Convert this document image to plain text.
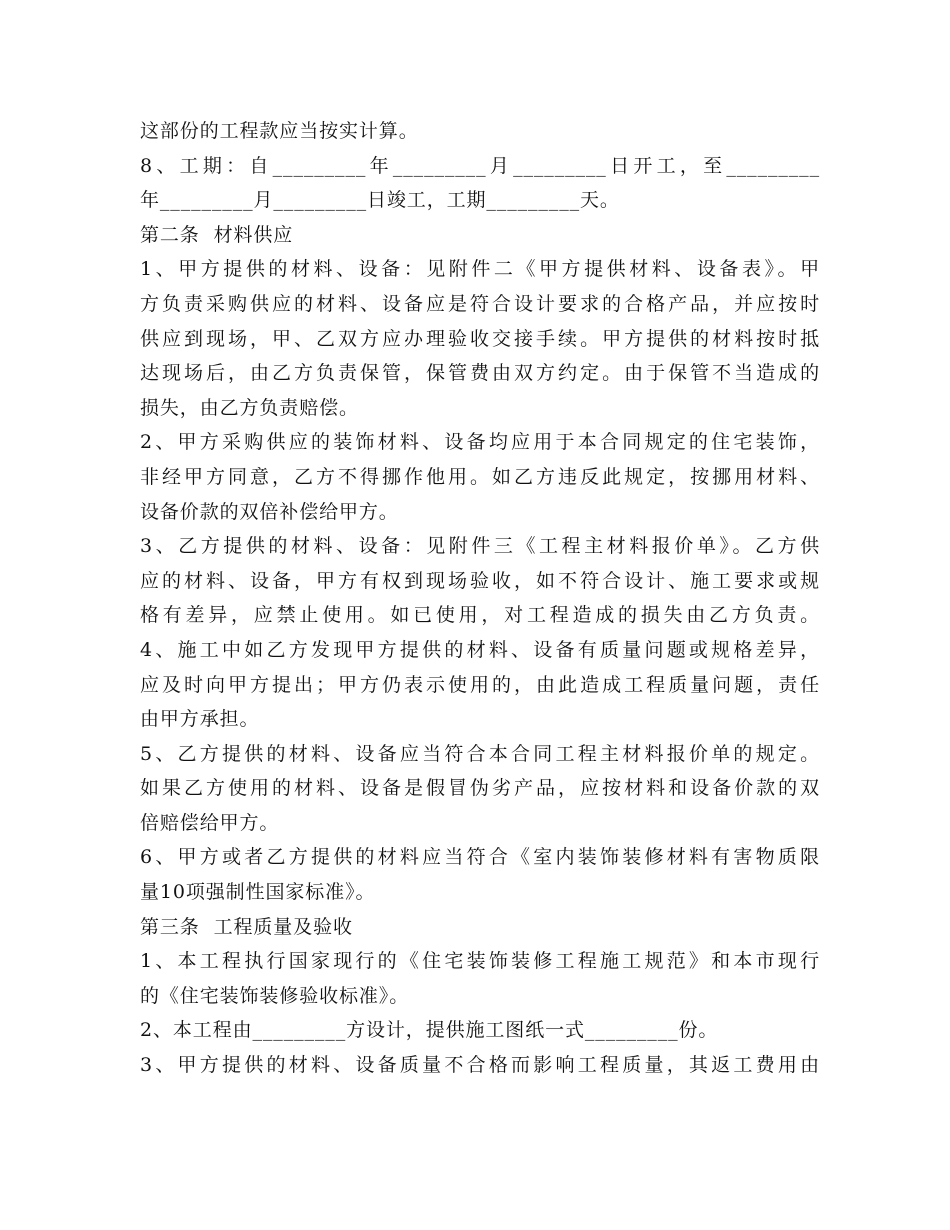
这部份的工程款应当按实计算。
8、工期：自_________年_________月_________日开工，至_________
年_________月_________日竣工，工期_________天。
第二条  材料供应
1、甲方提供的材料、设备：见附件二《甲方提供材料、设备表》。甲
方负责采购供应的材料、设备应是符合设计要求的合格产品，并应按时
供应到现场，甲、乙双方应办理验收交接手续。甲方提供的材料按时抵
达现场后，由乙方负责保管，保管费由双方约定。由于保管不当造成的
损失，由乙方负责赔偿。
2、甲方采购供应的装饰材料、设备均应用于本合同规定的住宅装饰，
非经甲方同意，乙方不得挪作他用。如乙方违反此规定，按挪用材料、
设备价款的双倍补偿给甲方。
3、乙方提供的材料、设备：见附件三《工程主材料报价单》。乙方供
应的材料、设备，甲方有权到现场验收，如不符合设计、施工要求或规
格有差异，应禁止使用。如已使用，对工程造成的损失由乙方负责。
4、施工中如乙方发现甲方提供的材料、设备有质量问题或规格差异，
应及时向甲方提出；甲方仍表示使用的，由此造成工程质量问题，责任
由甲方承担。
5、乙方提供的材料、设备应当符合本合同工程主材料报价单的规定。
如果乙方使用的材料、设备是假冒伪劣产品，应按材料和设备价款的双
倍赔偿给甲方。
6、甲方或者乙方提供的材料应当符合《室内装饰装修材料有害物质限
量10项强制性国家标准》。
第三条  工程质量及验收
1、本工程执行国家现行的《住宅装饰装修工程施工规范》和本市现行
的《住宅装饰装修验收标准》。
2、本工程由_________方设计，提供施工图纸一式_________份。
3、甲方提供的材料、设备质量不合格而影响工程质量，其返工费用由
